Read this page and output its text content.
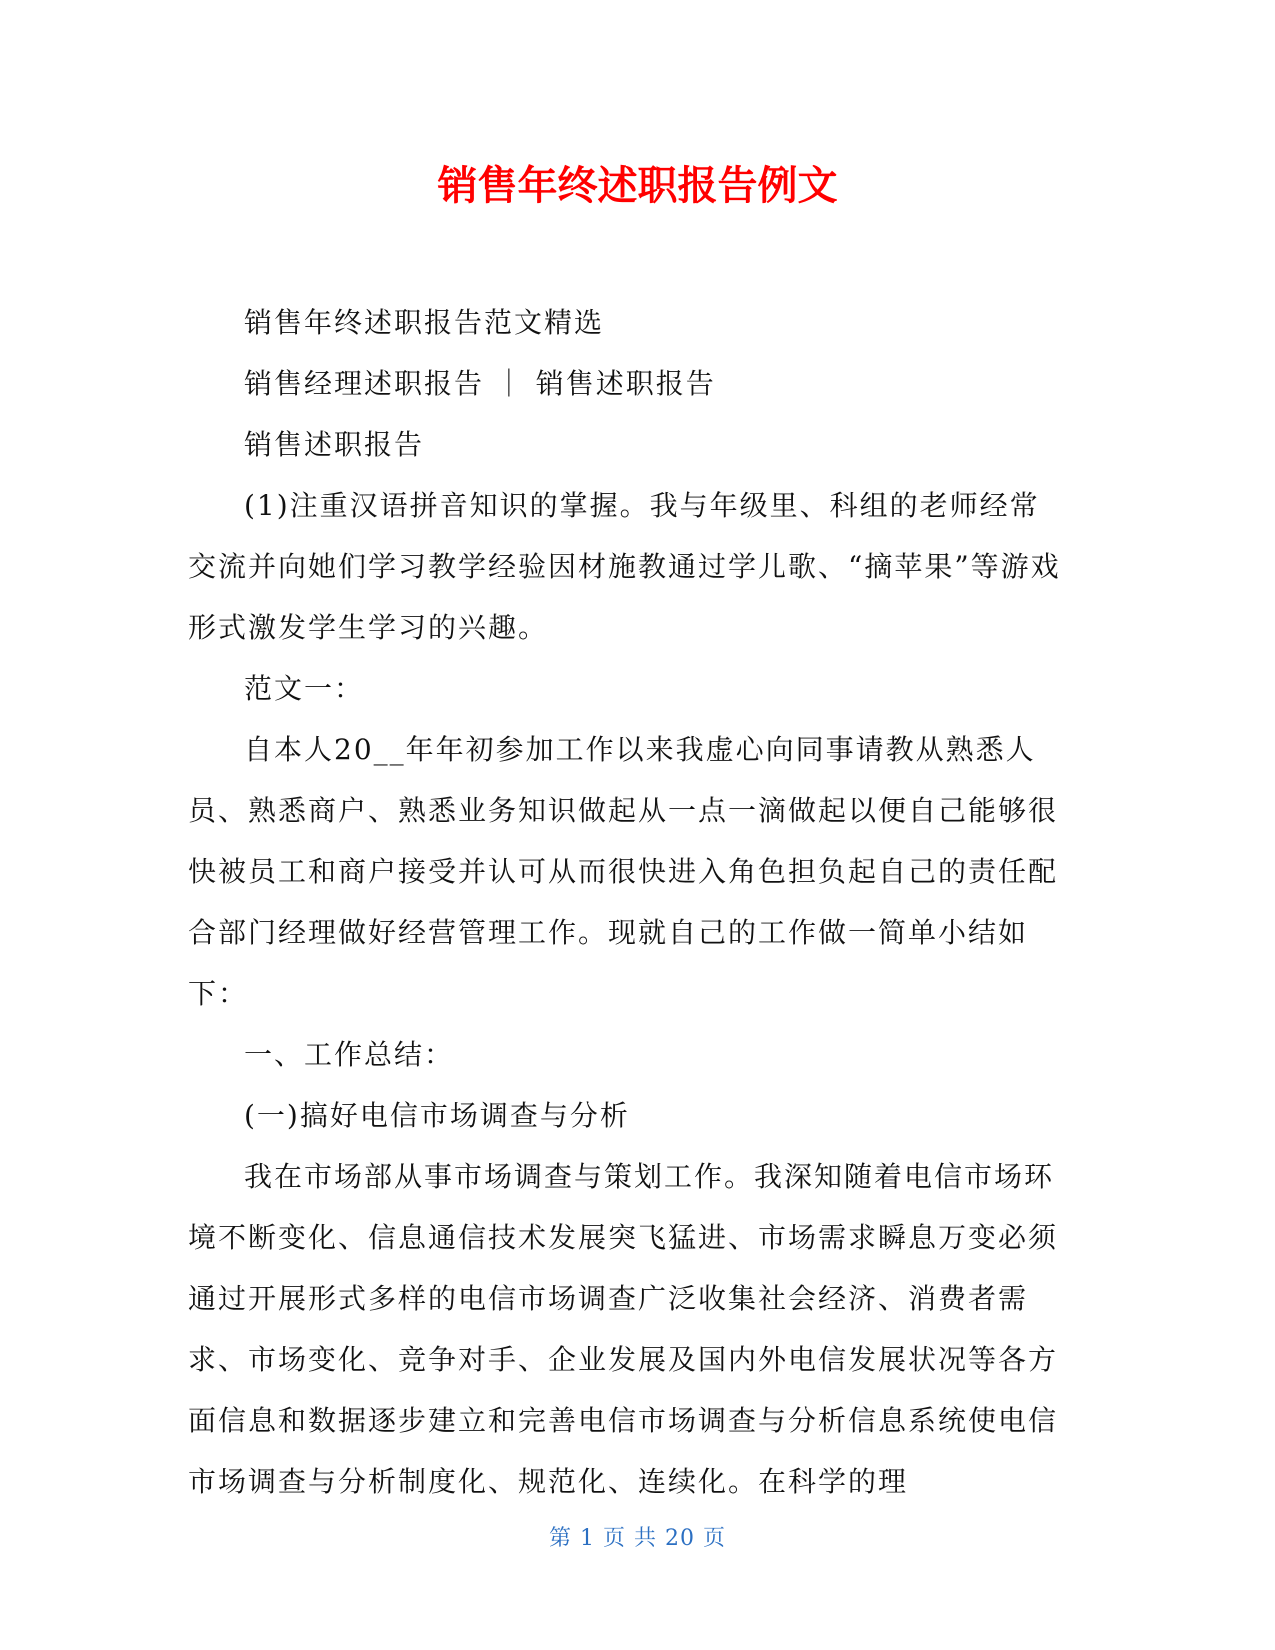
销售年终述职报告例文

销售年终述职报告范文精选

销售经理述职报告 ｜ 销售述职报告

销售述职报告

(1)注重汉语拼音知识的掌握。我与年级里、科组的老师经常交流并向她们学习教学经验因材施教通过学儿歌、“摘苹果”等游戏形式激发学生学习的兴趣。

范文一：

自本人20__年年初参加工作以来我虚心向同事请教从熟悉人员、熟悉商户、熟悉业务知识做起从一点一滴做起以便自己能够很快被员工和商户接受并认可从而很快进入角色担负起自己的责任配合部门经理做好经营管理工作。现就自己的工作做一简单小结如下：

一、工作总结：

(一)搞好电信市场调查与分析

我在市场部从事市场调查与策划工作。我深知随着电信市场环境不断变化、信息通信技术发展突飞猛进、市场需求瞬息万变必须通过开展形式多样的电信市场调查广泛收集社会经济、消费者需求、市场变化、竞争对手、企业发展及国内外电信发展状况等各方面信息和数据逐步建立和完善电信市场调查与分析信息系统使电信市场调查与分析制度化、规范化、连续化。在科学的理

第 1 页 共 20 页
